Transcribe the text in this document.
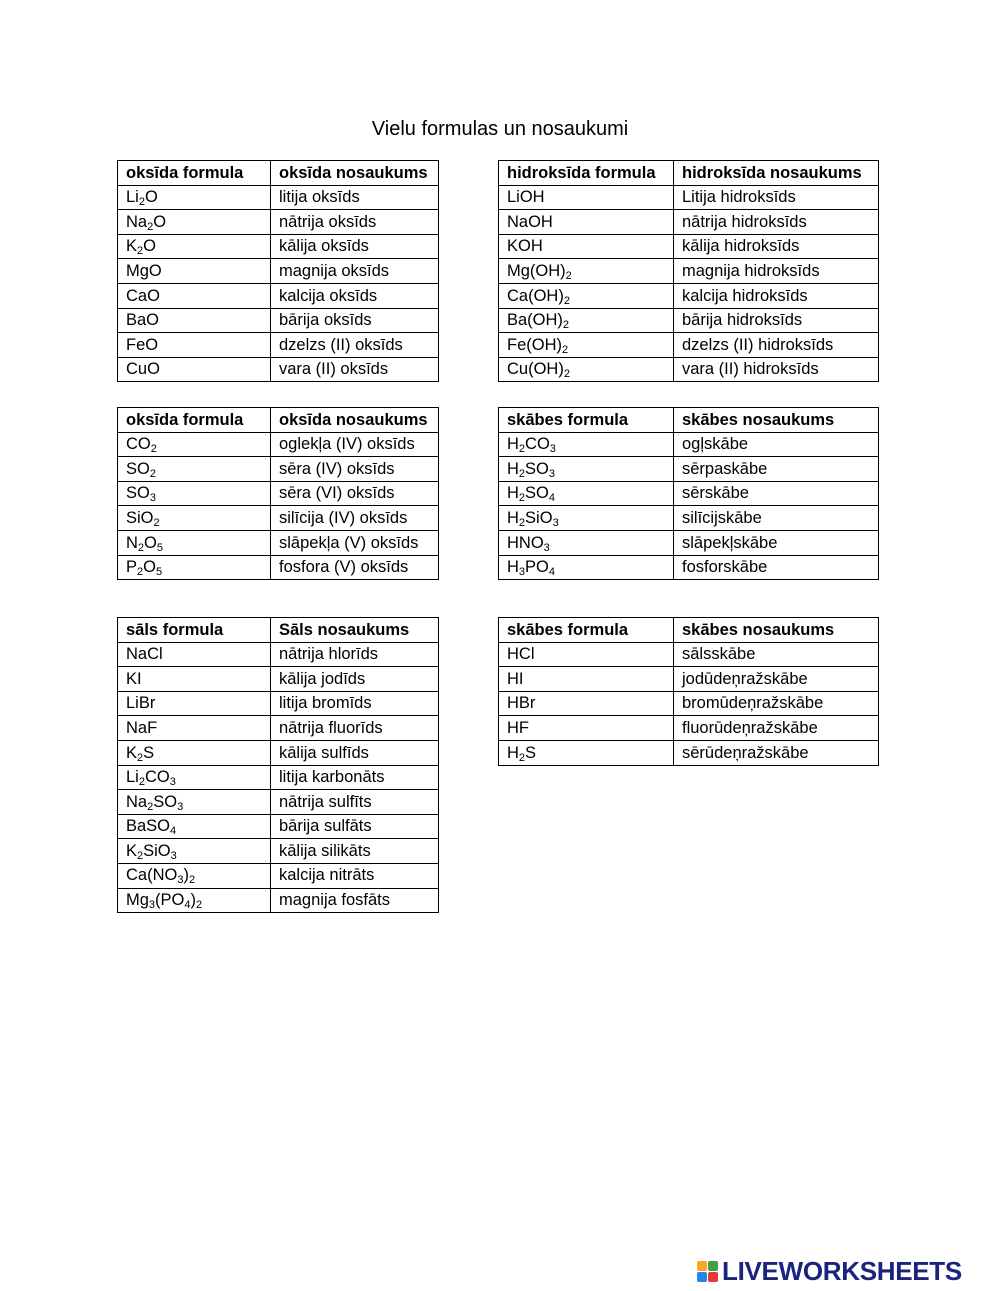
Vielu formulas un nosaukumi
oksīda formula	oksīda nosaukums
$Li_2O$	litija oksīds
$Na_2O$	nātrija oksīds
$K_2O$	kālija oksīds
MgO	magnija oksīds
CaO	kalcija oksīds
BaO	bārija oksīds
FeO	dzelzs (II) oksīds
CuO	vara (II) oksīds
hidroksīda formula	hidroksīda nosaukums
LiOH	Litija hidroksīds
NaOH	nātrija hidroksīds
KOH	kālija hidroksīds
$Mg(OH)_2$	magnija hidroksīds
$Ca(OH)_2$	kalcija hidroksīds
$Ba(OH)_2$	bārija hidroksīds
$Fe(OH)_2$	dzelzs (II) hidroksīds
$Cu(OH)_2$	vara (II) hidroksīds
oksīda formula	oksīda nosaukums
$CO_2$	oglekļa (IV) oksīds
$SO_2$	sēra (IV) oksīds
$SO_3$	sēra (VI) oksīds
SiO$_2$	silīcija (IV) oksīds
$N_2O_5$	slāpekļa (V) oksīds
$P_2O_5$	fosfora (V) oksīds
skābes formula	skābes nosaukums
$H_2CO_3$	ogļskābe
$H_2SO_3$	sērpaskābe
$H_2SO_4$	sērskābe
$H_2SiO_3$	silīcijskābe
$HNO_3$	slāpekļskābe
$H_3PO_4$	fosforskābe
sāls formula	Sāls nosaukums
NaCl	nātrija hlorīds
KI	kālija jodīds
LiBr	litija bromīds
NaF	nātrija fluorīds
$K_2S$	kālija sulfīds
$Li_2CO_3$	litija karbonāts
$Na_2SO_3$	nātrija sulfīts
BaSO$_4$	bārija sulfāts
$K_2SiO_3$	kālija silikāts
$Ca(NO_3)_2$	kalcija nitrāts
$Mg_3(PO_4)_2$	magnija fosfāts
skābes formula	skābes nosaukums
HCl	sālsskābe
HI	jodūdeņražskābe
HBr	bromūdeņražskābe
HF	fluorūdeņražskābe
$H_2S$	sērūdeņražskābe
LIVEWORKSHEETS
